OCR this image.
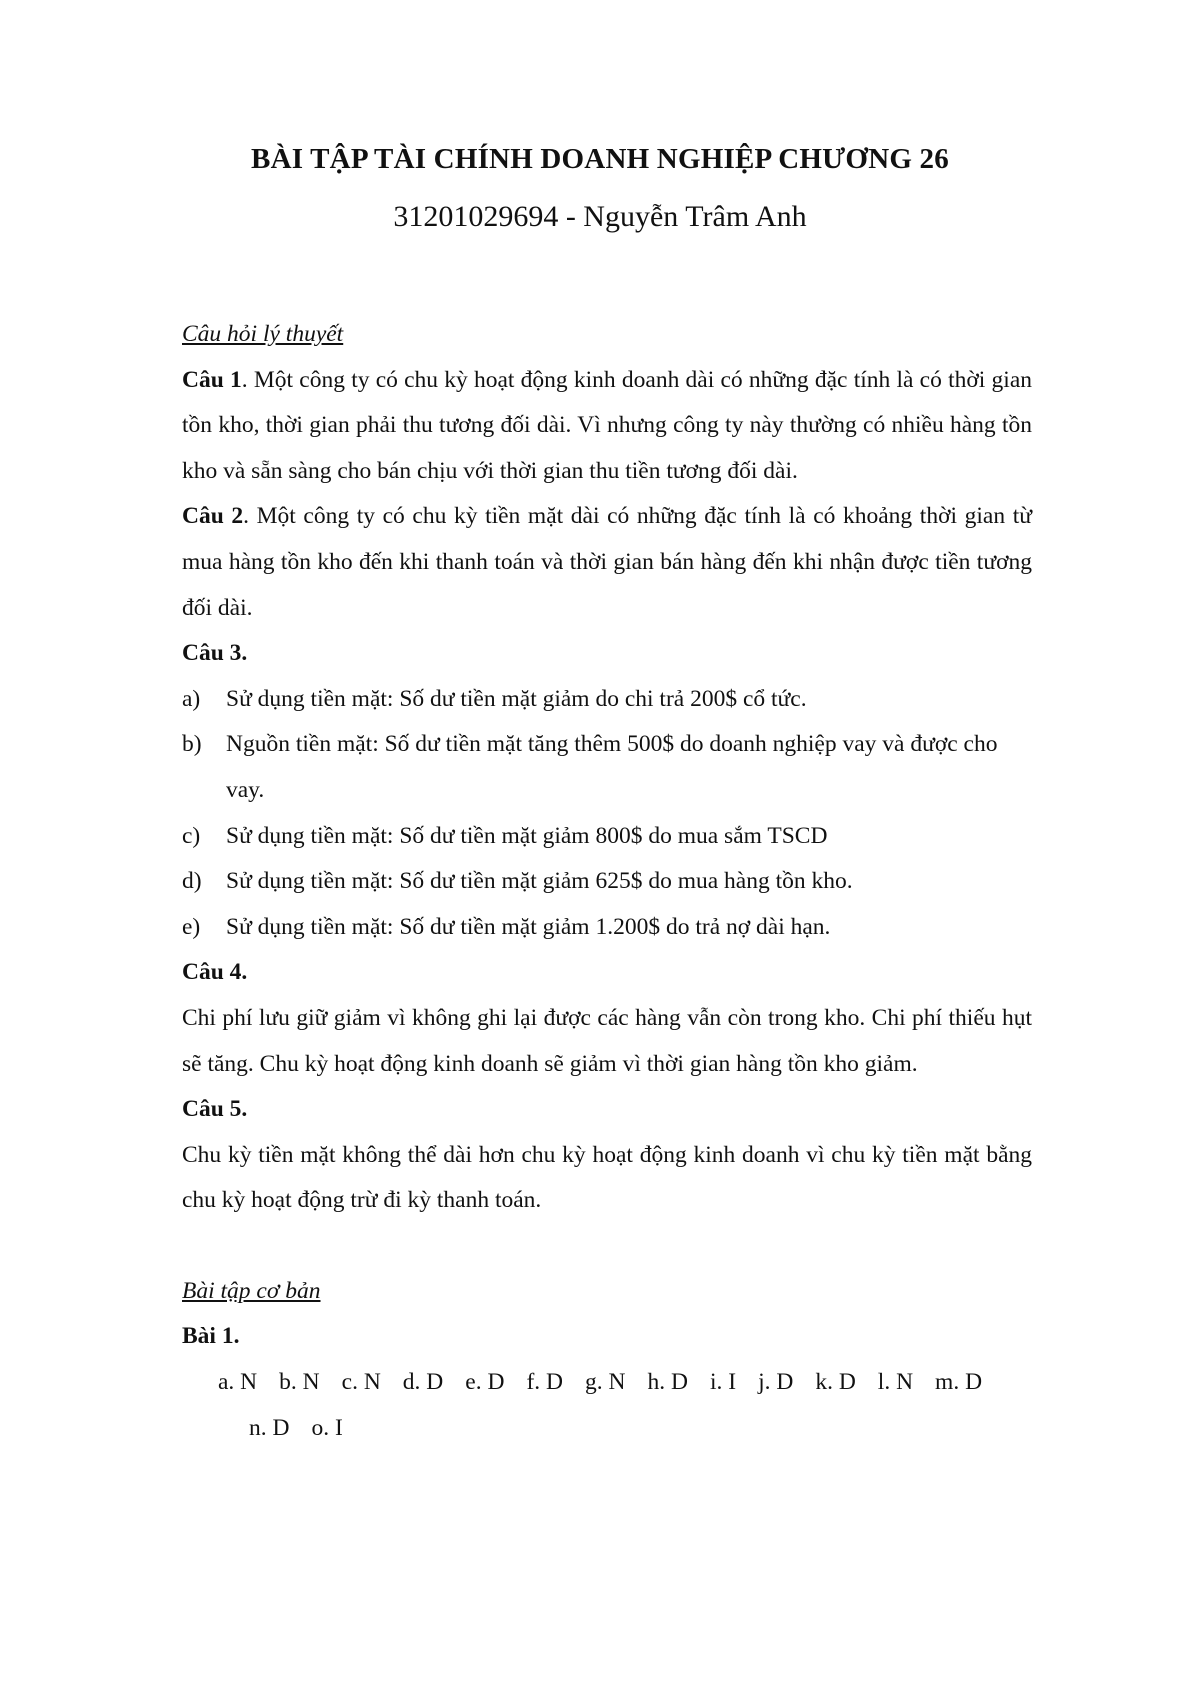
BÀI TẬP TÀI CHÍNH DOANH NGHIỆP CHƯƠNG 26
31201029694 - Nguyễn Trâm Anh
Câu hỏi lý thuyết

Câu 1. Một công ty có chu kỳ hoạt động kinh doanh dài có những đặc tính là có thời gian tồn kho, thời gian phải thu tương đối dài. Vì nhưng công ty này thường có nhiều hàng tồn kho và sẵn sàng cho bán chịu với thời gian thu tiền tương đối dài.

Câu 2. Một công ty có chu kỳ tiền mặt dài có những đặc tính là có khoảng thời gian từ mua hàng tồn kho đến khi thanh toán và thời gian bán hàng đến khi nhận được tiền tương đối dài.

Câu 3.

a) Sử dụng tiền mặt: Số dư tiền mặt giảm do chi trả 200$ cổ tức.

b) Nguồn tiền mặt: Số dư tiền mặt tăng thêm 500$ do doanh nghiệp vay và được cho vay.

c) Sử dụng tiền mặt: Số dư tiền mặt giảm 800$ do mua sắm TSCD

d) Sử dụng tiền mặt: Số dư tiền mặt giảm 625$ do mua hàng tồn kho.

e) Sử dụng tiền mặt: Số dư tiền mặt giảm 1.200$ do trả nợ dài hạn.

Câu 4.

Chi phí lưu giữ giảm vì không ghi lại được các hàng vẫn còn trong kho. Chi phí thiếu hụt sẽ tăng. Chu kỳ hoạt động kinh doanh sẽ giảm vì thời gian hàng tồn kho giảm.

Câu 5.

Chu kỳ tiền mặt không thể dài hơn chu kỳ hoạt động kinh doanh vì chu kỳ tiền mặt bằng chu kỳ hoạt động trừ đi kỳ thanh toán.

Bài tập cơ bản

Bài 1.

a. N b. N c. N d. D e. D f. D g. N h. D i. I j. D k. D l. N m. D
n. D o. I
